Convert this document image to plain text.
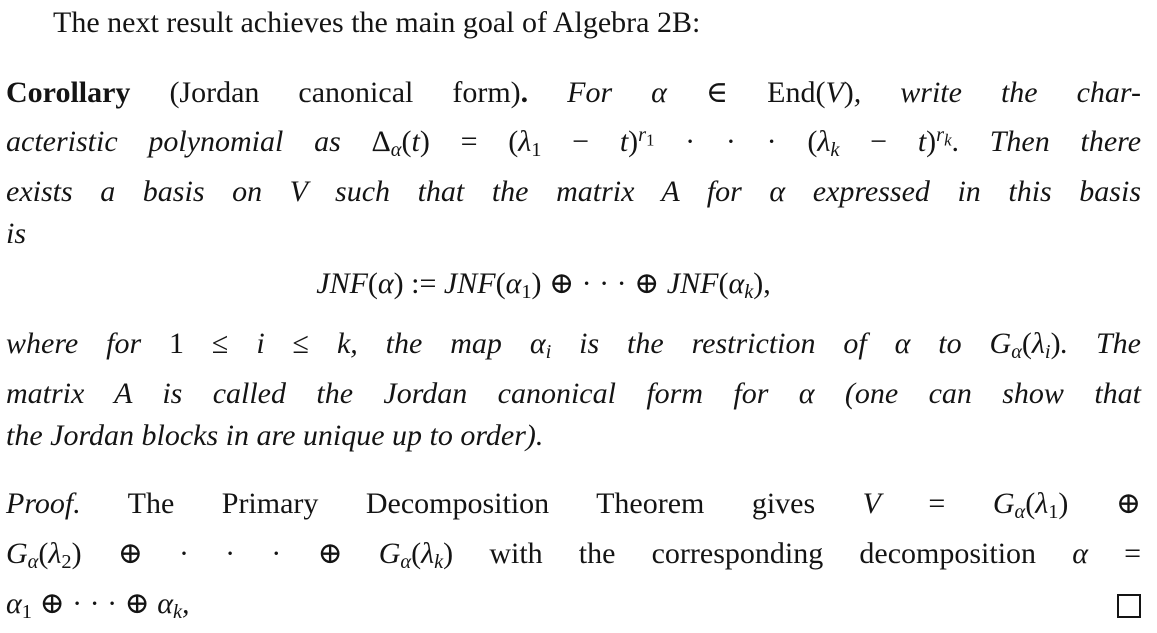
The next result achieves the main goal of Algebra 2B:
Corollary (Jordan canonical form). For α ∈ End(V), write the char-
acteristic polynomial as $\Delta_\alpha(t) = (\lambda_1 - t)^{r_1}$ · · · $(\lambda_k - t)^{r_k}$. Then there
exists a basis on V such that the matrix A for α expressed in this basis
is
JNF(α) := $JNF(\alpha_1)$ ⊕ · · · ⊕ $JNF(\alpha_k)$,
where for 1 ≤ i ≤ k, the map $\alpha_i$ is the restriction of α to $G_\alpha(\lambda_i)$. The
matrix A is called the Jordan canonical form for α (one can show that
the Jordan blocks in are unique up to order).
Proof. The Primary Decomposition Theorem gives $V = G_\alpha(\lambda_1)$ ⊕
$G_\alpha(\lambda_2)$ ⊕ · · · ⊕ $G_\alpha(\lambda_k)$ with the corresponding decomposition α =
$\alpha_1$ ⊕ · · · ⊕ $\alpha_k$,
